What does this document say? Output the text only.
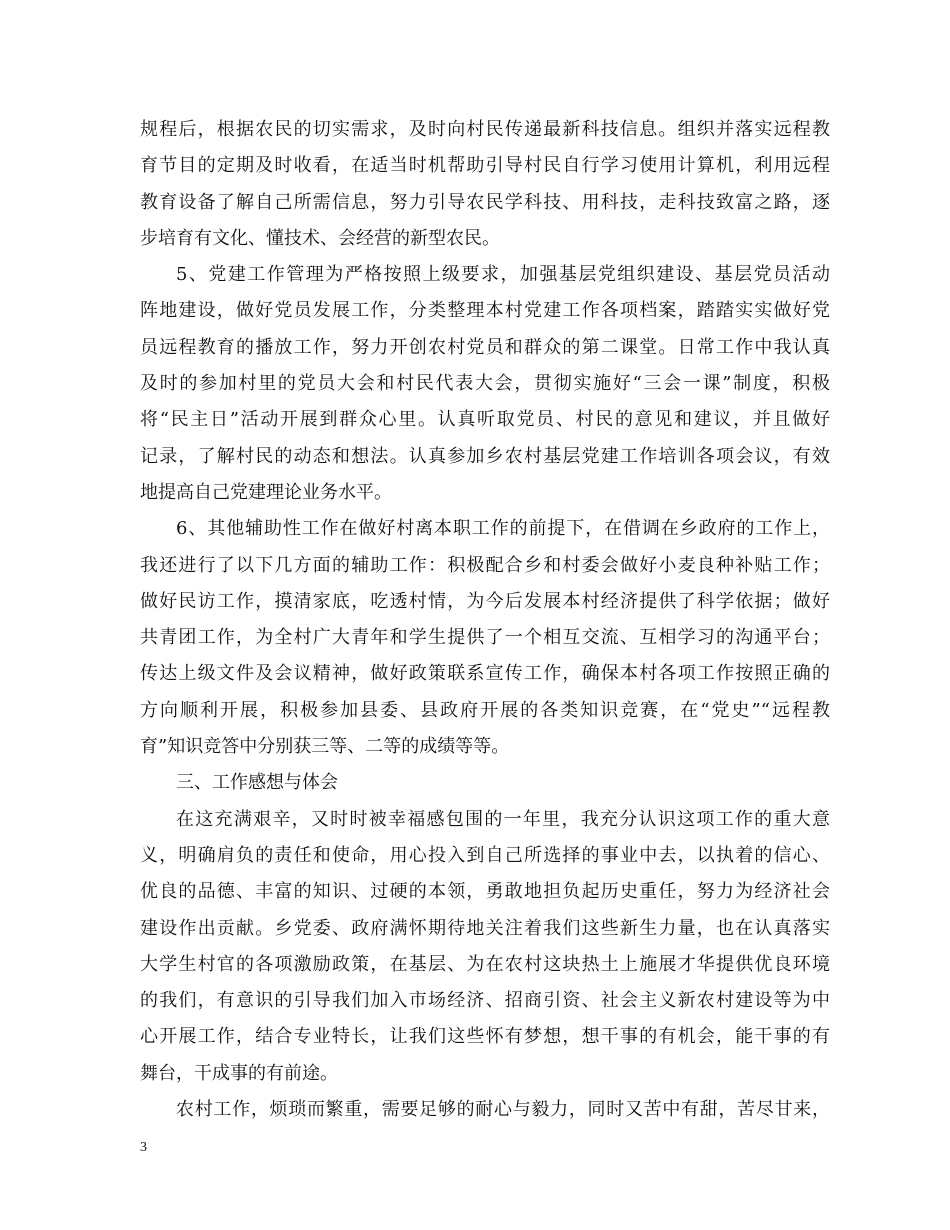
规程后，根据农民的切实需求，及时向村民传递最新科技信息。组织并落实远程教
育节目的定期及时收看，在适当时机帮助引导村民自行学习使用计算机，利用远程
教育设备了解自己所需信息，努力引导农民学科技、用科技，走科技致富之路，逐
步培育有文化、懂技术、会经营的新型农民。
5、党建工作管理为严格按照上级要求，加强基层党组织建设、基层党员活动
阵地建设，做好党员发展工作，分类整理本村党建工作各项档案，踏踏实实做好党
员远程教育的播放工作，努力开创农村党员和群众的第二课堂。日常工作中我认真
及时的参加村里的党员大会和村民代表大会，贯彻实施好“三会一课”制度，积极
将“民主日”活动开展到群众心里。认真听取党员、村民的意见和建议，并且做好
记录，了解村民的动态和想法。认真参加乡农村基层党建工作培训各项会议，有效
地提高自己党建理论业务水平。
6、其他辅助性工作在做好村离本职工作的前提下，在借调在乡政府的工作上，
我还进行了以下几方面的辅助工作：积极配合乡和村委会做好小麦良种补贴工作；
做好民访工作，摸清家底，吃透村情，为今后发展本村经济提供了科学依据；做好
共青团工作，为全村广大青年和学生提供了一个相互交流、互相学习的沟通平台；
传达上级文件及会议精神，做好政策联系宣传工作，确保本村各项工作按照正确的
方向顺利开展，积极参加县委、县政府开展的各类知识竞赛，在“党史”“远程教
育”知识竞答中分别获三等、二等的成绩等等。
三、工作感想与体会
在这充满艰辛，又时时被幸福感包围的一年里，我充分认识这项工作的重大意
义，明确肩负的责任和使命，用心投入到自己所选择的事业中去，以执着的信心、
优良的品德、丰富的知识、过硬的本领，勇敢地担负起历史重任，努力为经济社会
建设作出贡献。乡党委、政府满怀期待地关注着我们这些新生力量，也在认真落实
大学生村官的各项激励政策，在基层、为在农村这块热土上施展才华提供优良环境
的我们，有意识的引导我们加入市场经济、招商引资、社会主义新农村建设等为中
心开展工作，结合专业特长，让我们这些怀有梦想，想干事的有机会，能干事的有
舞台，干成事的有前途。
农村工作，烦琐而繁重，需要足够的耐心与毅力，同时又苦中有甜，苦尽甘来，
3
